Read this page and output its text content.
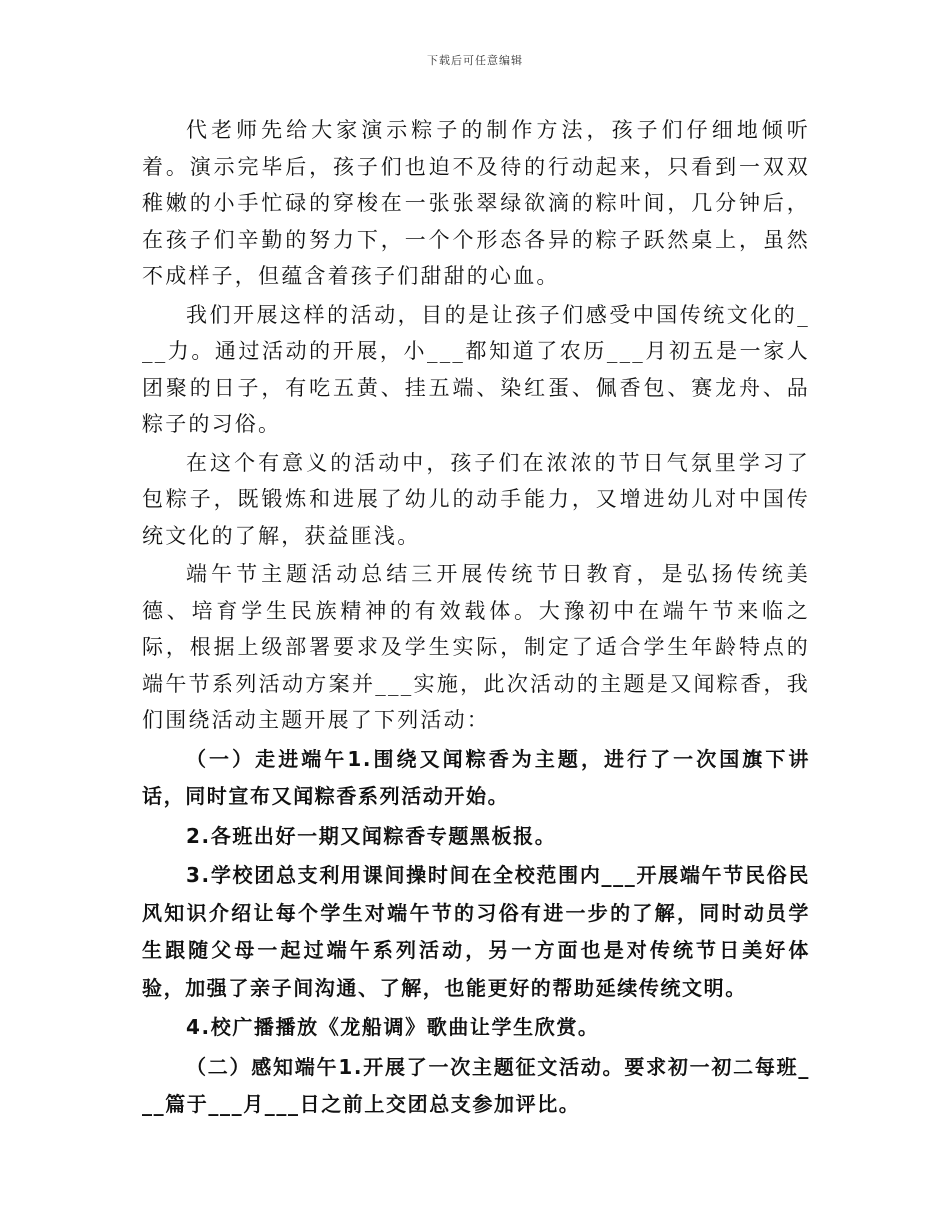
下载后可任意编辑

代老师先给大家演示粽子的制作方法，孩子们仔细地倾听着。演示完毕后，孩子们也迫不及待的行动起来，只看到一双双稚嫩的小手忙碌的穿梭在一张张翠绿欲滴的粽叶间，几分钟后，在孩子们辛勤的努力下，一个个形态各异的粽子跃然桌上，虽然不成样子，但蕴含着孩子们甜甜的心血。

我们开展这样的活动，目的是让孩子们感受中国传统文化的___力。通过活动的开展，小___都知道了农历___月初五是一家人团聚的日子，有吃五黄、挂五端、染红蛋、佩香包、赛龙舟、品粽子的习俗。

在这个有意义的活动中，孩子们在浓浓的节日气氛里学习了包粽子，既锻炼和进展了幼儿的动手能力，又增进幼儿对中国传统文化的了解，获益匪浅。

端午节主题活动总结三开展传统节日教育，是弘扬传统美德、培育学生民族精神的有效载体。大豫初中在端午节来临之际，根据上级部署要求及学生实际，制定了适合学生年龄特点的端午节系列活动方案并___实施，此次活动的主题是又闻粽香，我们围绕活动主题开展了下列活动：

（一）走进端午1.围绕又闻粽香为主题，进行了一次国旗下讲话，同时宣布又闻粽香系列活动开始。

2.各班出好一期又闻粽香专题黑板报。

3.学校团总支利用课间操时间在全校范围内___开展端午节民俗民风知识介绍让每个学生对端午节的习俗有进一步的了解，同时动员学生跟随父母一起过端午系列活动，另一方面也是对传统节日美好体验，加强了亲子间沟通、了解，也能更好的帮助延续传统文明。

4.校广播播放《龙船调》歌曲让学生欣赏。

（二）感知端午1.开展了一次主题征文活动。要求初一初二每班___篇于___月___日之前上交团总支参加评比。
